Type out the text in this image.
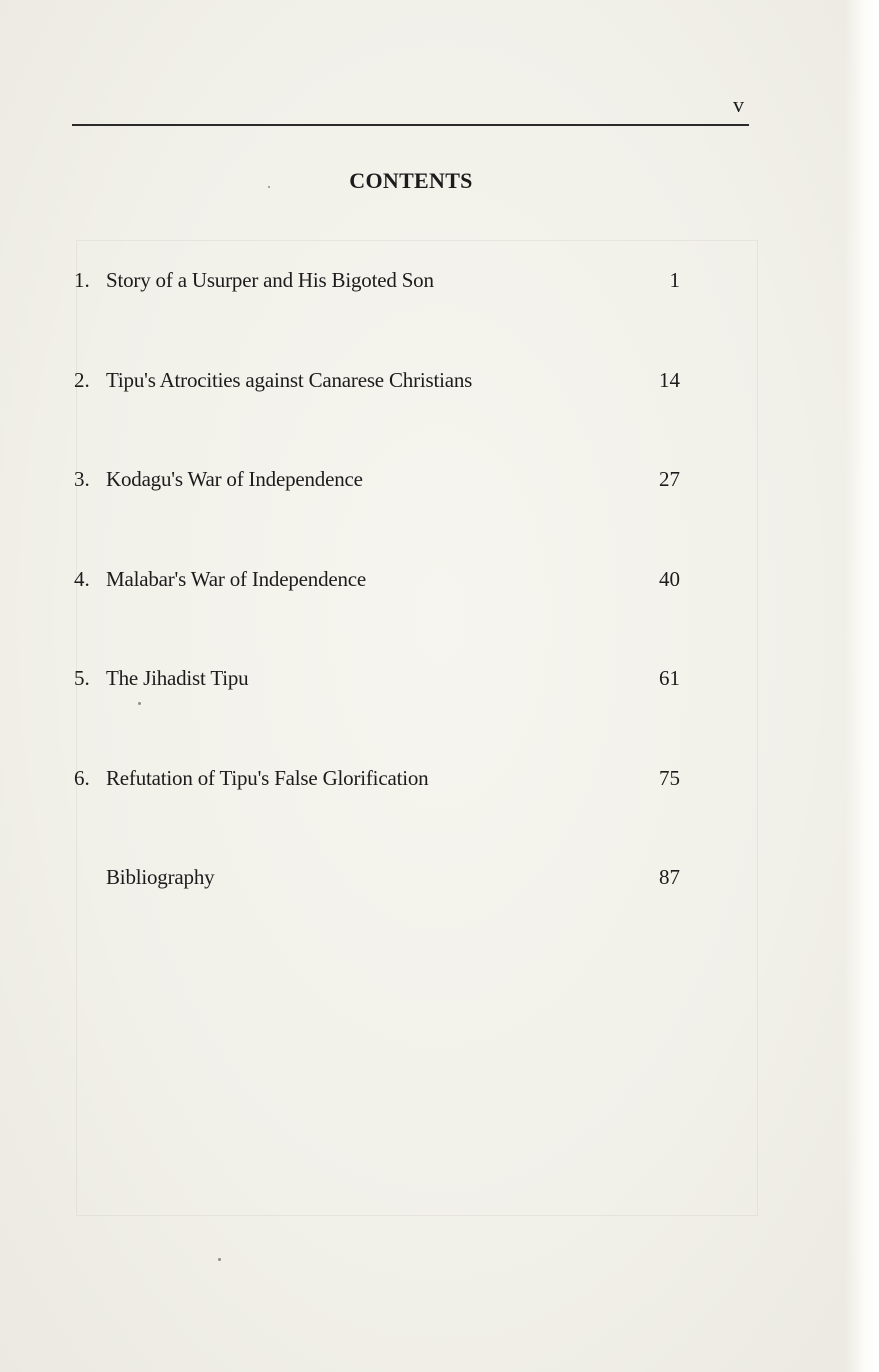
v
CONTENTS
1. Story of a Usurper and His Bigoted Son	1
2. Tipu's Atrocities against Canarese Christians	14
3. Kodagu's War of Independence	27
4. Malabar's War of Independence	40
5. The Jihadist Tipu	61
6. Refutation of Tipu's False Glorification	75
Bibliography	87
